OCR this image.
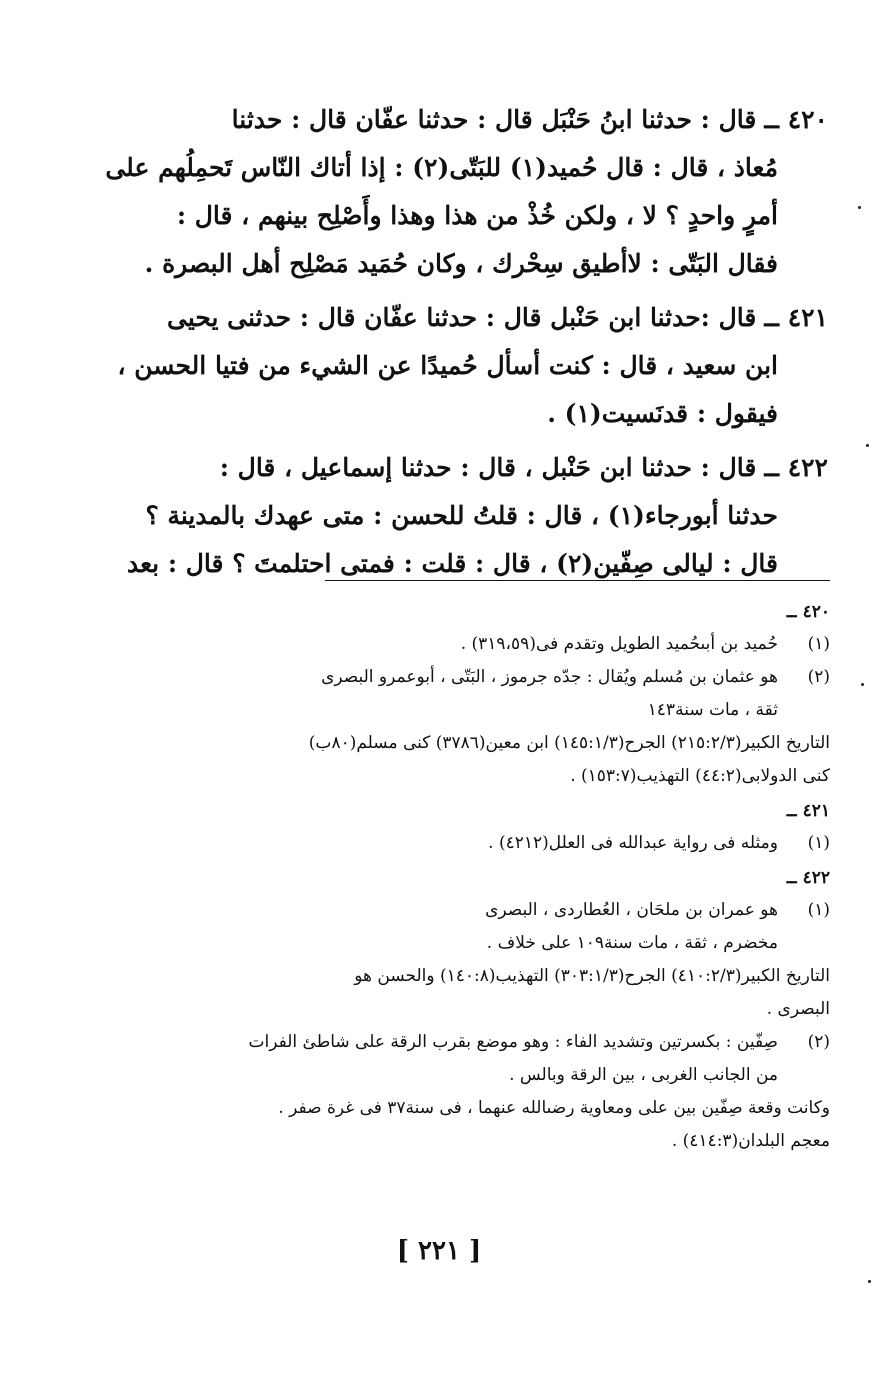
٤٢٠ ــقال : حدثنا ابنُ حَنْبَل قال : حدثنا عفّان قال : حدثنا
مُعاذ ، قال : قال حُميد(١) للبَتّى(٢) : إذا أتاك النّاس تَحمِلُهم على
أمرٍ واحدٍ ؟ لا ، ولكن خُذْ من هذا وهذا وأَصْلِح بينهم ، قال :
فقال البَتّى : لاأطيق سِحْرك ، وكان حُمَيد مَصْلِح أهل البصرة .
٤٢١ ــقال :حدثنا ابن حَنْبل قال : حدثنا عفّان قال : حدثنى يحيى
ابن سعيد ، قال : كنت أسأل حُميدًا عن الشيء من فتيا الحسن ،
فيقول : قدنَسيت(١) .
٤٢٢ ــقال : حدثنا ابن حَنْبل ، قال : حدثنا إسماعيل ، قال :
حدثنا أبورجاء(١) ، قال : قلتُ للحسن : متى عهدك بالمدينة ؟
قال : ليالى صِفّين(٢) ، قال : قلت : فمتى احتلمتَ ؟ قال : بعد
٤٢٠ ــ
(١)
حُميد بن أبىحُميد الطويل وتقدم فى(٣١٩،٥٩) .
(٢)
هو عثمان بن مُسلم ويُقال : جدّه جرموز ، البَتّى ، أبوعمرو البصرى
ثقة ، مات سنة١٤٣
التاريخ الكبير(٢١٥:٢/٣) الجرح(١٤٥:١/٣) ابن معين(٣٧٨٦) كنى مسلم(٨٠ب)
كنى الدولابى(٤٤:٢) التهذيب(١٥٣:٧) .
٤٢١ ــ
(١)
ومثله فى رواية عبدالله فى العلل(٤٢١٢) .
٤٢٢ ــ
(١)
هو عمران بن ملحَان ، العُطاردى ، البصرى
مخضرم ، ثقة ، مات سنة١٠٩ على خلاف .
التاريخ الكبير(٤١٠:٢/٣) الجرح(٣٠٣:١/٣) التهذيب(١٤٠:٨) والحسن هو
البصرى .
(٢)
صِفّين : بكسرتين وتشديد الفاء : وهو موضع بقرب الرقة على شاطئ الفرات
من الجانب الغربى ، بين الرقة وبالس .
وكانت وقعة صِفّين بين على ومعاوية رضىالله عنهما ، فى سنة٣٧ فى غرة صفر .
معجم البلدان(٤١٤:٣) .
[ ٢٢١ ]
